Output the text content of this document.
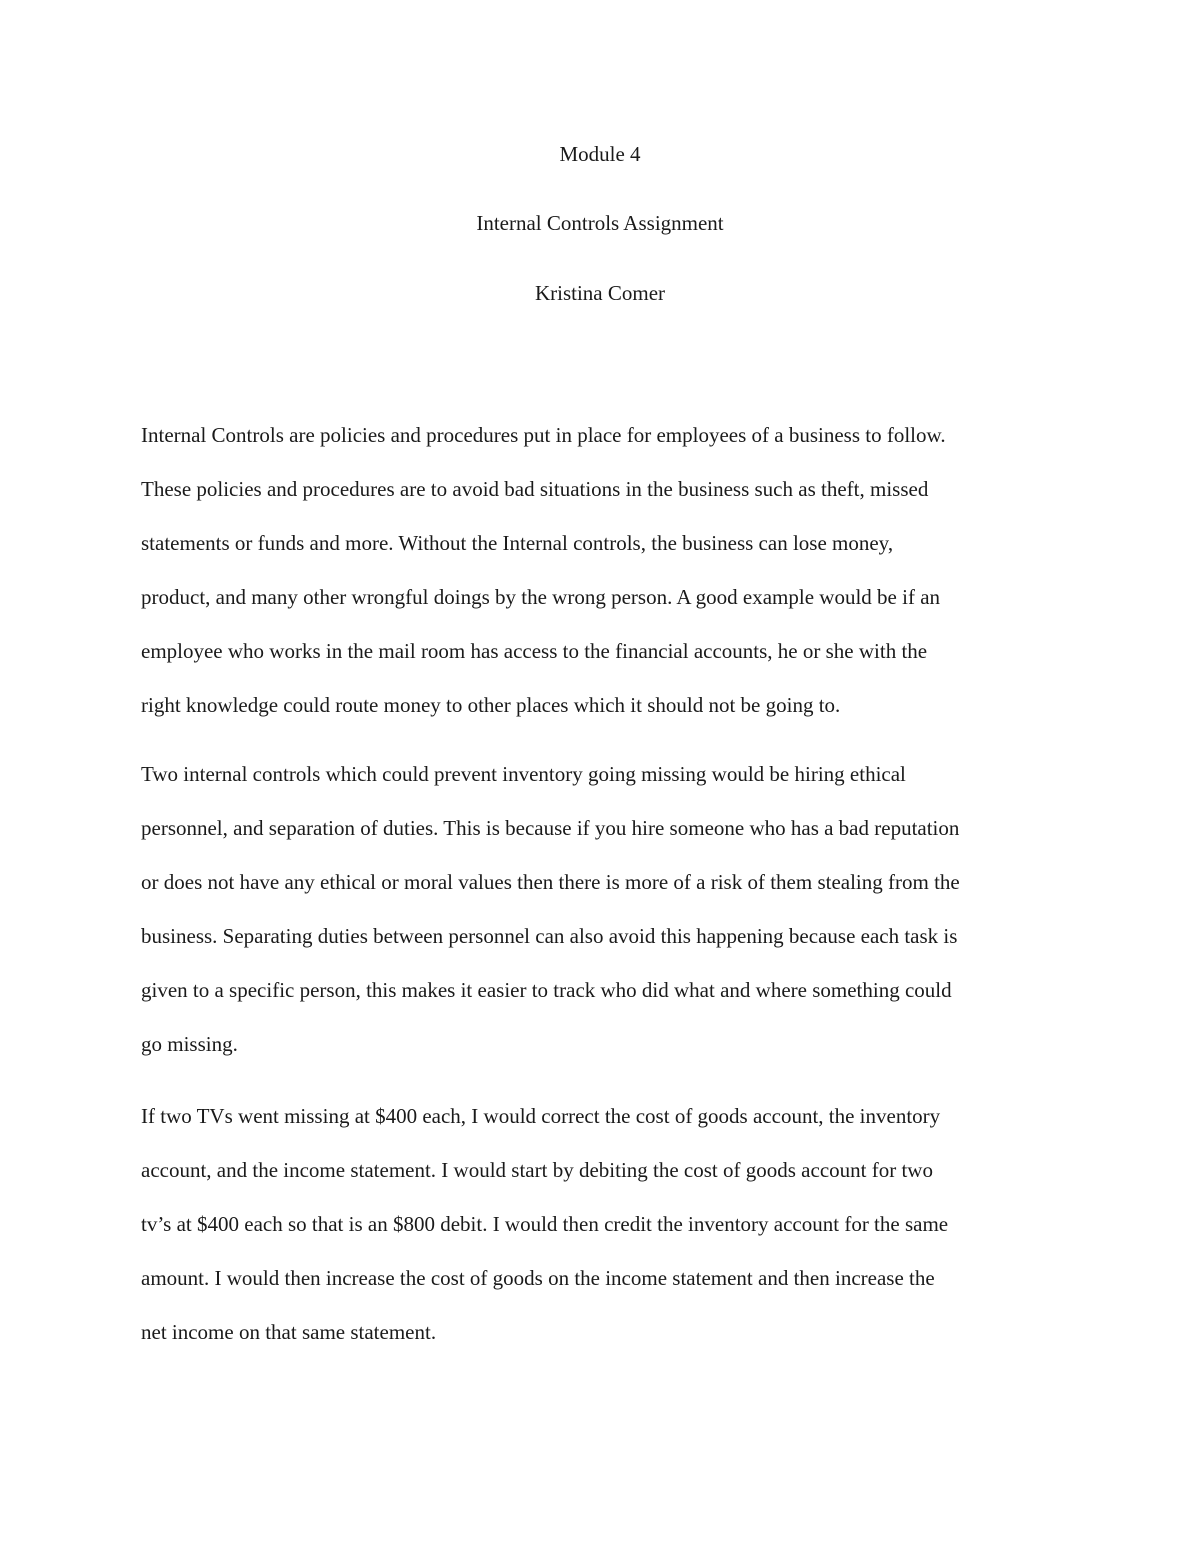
Module 4
Internal Controls Assignment
Kristina Comer
Internal Controls are policies and procedures put in place for employees of a business to follow.
These policies and procedures are to avoid bad situations in the business such as theft, missed
statements or funds and more. Without the Internal controls, the business can lose money,
product, and many other wrongful doings by the wrong person. A good example would be if an
employee who works in the mail room has access to the financial accounts, he or she with the
right knowledge could route money to other places which it should not be going to.
Two internal controls which could prevent inventory going missing would be hiring ethical
personnel, and separation of duties. This is because if you hire someone who has a bad reputation
or does not have any ethical or moral values then there is more of a risk of them stealing from the
business. Separating duties between personnel can also avoid this happening because each task is
given to a specific person, this makes it easier to track who did what and where something could
go missing.
If two TVs went missing at $400 each, I would correct the cost of goods account, the inventory
account, and the income statement. I would start by debiting the cost of goods account for two
tv’s at $400 each so that is an $800 debit. I would then credit the inventory account for the same
amount. I would then increase the cost of goods on the income statement and then increase the
net income on that same statement.
